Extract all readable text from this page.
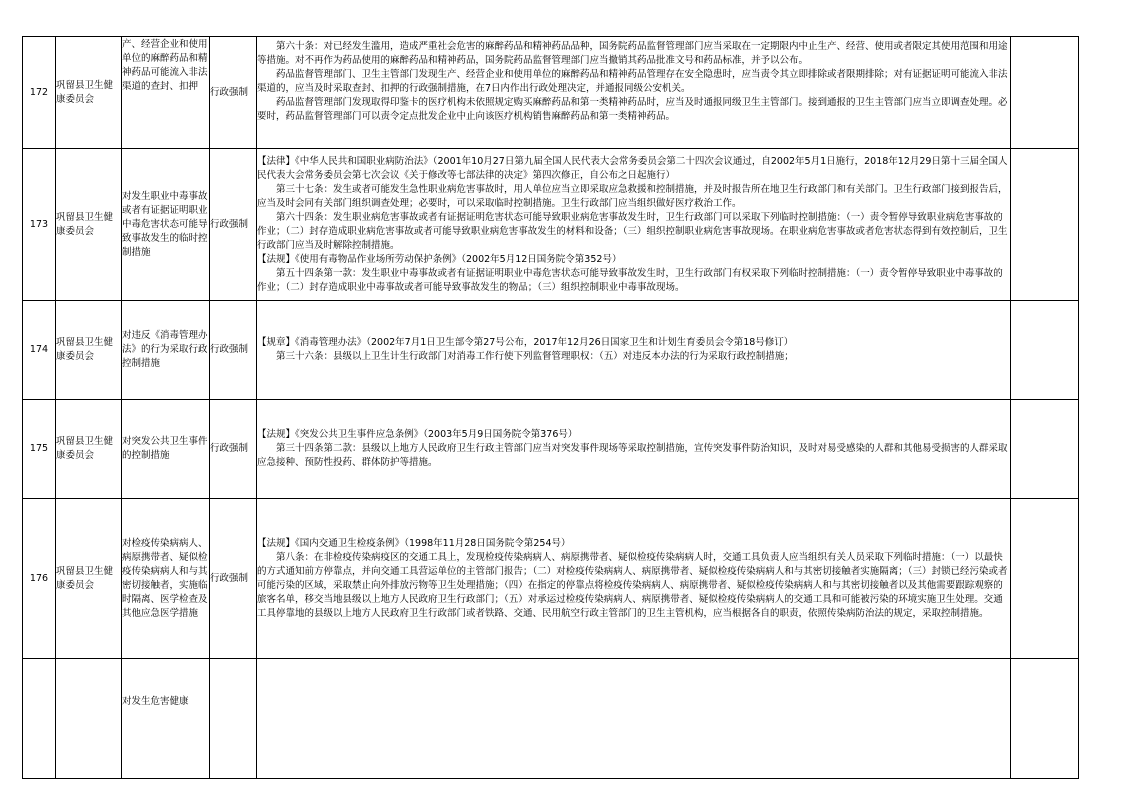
172	巩留县卫生健康委员会	产、经营企业和使用单位的麻醉药品和精神药品可能流入非法渠道的查封、扣押	行政强制	第六十条：对已经发生滥用，造成严重社会危害的麻醉药品和精神药品品种，国务院药品监督管理部门应当采取在一定期限内中止生产、经营、使用或者限定其使用范围和用途等措施。对不再作为药品使用的麻醉药品和精神药品，国务院药品监督管理部门应当撤销其药品批准文号和药品标准，并予以公布。
药品监督管理部门、卫生主管部门发现生产、经营企业和使用单位的麻醉药品和精神药品管理存在安全隐患时，应当责令其立即排除或者限期排除；对有证据证明可能流入非法渠道的，应当及时采取查封、扣押的行政强制措施，在7日内作出行政处理决定，并通报同级公安机关。
药品监督管理部门发现取得印鉴卡的医疗机构未依照规定购买麻醉药品和第一类精神药品时，应当及时通报同级卫生主管部门。接到通报的卫生主管部门应当立即调查处理。必要时，药品监督管理部门可以责令定点批发企业中止向该医疗机构销售麻醉药品和第一类精神药品。	

173	巩留县卫生健康委员会	对发生职业中毒事故或者有证据证明职业中毒危害状态可能导致事故发生的临时控制措施	行政强制	【法律】《中华人民共和国职业病防治法》（2001年10月27日第九届全国人民代表大会常务委员会第二十四次会议通过，自2002年5月1日施行，2018年12月29日第十三届全国人民代表大会常务委员会第七次会议《关于修改等七部法律的决定》第四次修正，自公布之日起施行）
第三十七条：发生或者可能发生急性职业病危害事故时，用人单位应当立即采取应急救援和控制措施，并及时报告所在地卫生行政部门和有关部门。卫生行政部门接到报告后，应当及时会同有关部门组织调查处理；必要时，可以采取临时控制措施。卫生行政部门应当组织做好医疗救治工作。
第六十四条：发生职业病危害事故或者有证据证明危害状态可能导致职业病危害事故发生时，卫生行政部门可以采取下列临时控制措施：（一）责令暂停导致职业病危害事故的作业；（二）封存造成职业病危害事故或者可能导致职业病危害事故发生的材料和设备；（三）组织控制职业病危害事故现场。在职业病危害事故或者危害状态得到有效控制后，卫生行政部门应当及时解除控制措施。
【法规】《使用有毒物品作业场所劳动保护条例》（2002年5月12日国务院令第352号）
第五十四条第一款：发生职业中毒事故或者有证据证明职业中毒危害状态可能导致事故发生时，卫生行政部门有权采取下列临时控制措施：（一）责令暂停导致职业中毒事故的作业；（二）封存造成职业中毒事故或者可能导致事故发生的物品；（三）组织控制职业中毒事故现场。	

174	巩留县卫生健康委员会	对违反《消毒管理办法》的行为采取行政控制措施	行政强制	【规章】《消毒管理办法》（2002年7月1日卫生部令第27号公布，2017年12月26日国家卫生和计划生育委员会令第18号修订）
第三十六条：县级以上卫生计生行政部门对消毒工作行使下列监督管理职权：（五）对违反本办法的行为采取行政控制措施；	

175	巩留县卫生健康委员会	对突发公共卫生事件的控制措施	行政强制	【法规】《突发公共卫生事件应急条例》（2003年5月9日国务院令第376号）
第三十四条第二款：县级以上地方人民政府卫生行政主管部门应当对突发事件现场等采取控制措施，宣传突发事件防治知识，及时对易受感染的人群和其他易受损害的人群采取应急接种、预防性投药、群体防护等措施。	

176	巩留县卫生健康委员会	对检疫传染病病人、病原携带者、疑似检疫传染病病人和与其密切接触者，实施临时隔离、医学检查及其他应急医学措施	行政强制	【法规】《国内交通卫生检疫条例》（1998年11月28日国务院令第254号）
第八条：在非检疫传染病疫区的交通工具上，发现检疫传染病病人、病原携带者、疑似检疫传染病病人时，交通工具负责人应当组织有关人员采取下列临时措施：（一）以最快的方式通知前方停靠点，并向交通工具营运单位的主管部门报告；（二）对检疫传染病病人、病原携带者、疑似检疫传染病病人和与其密切接触者实施隔离；（三）封锁已经污染或者可能污染的区域，采取禁止向外排放污物等卫生处理措施；（四）在指定的停靠点将检疫传染病病人、病原携带者、疑似检疫传染病病人和与其密切接触者以及其他需要跟踪观察的旅客名单，移交当地县级以上地方人民政府卫生行政部门；（五）对承运过检疫传染病病人、病原携带者、疑似检疫传染病病人的交通工具和可能被污染的环境实施卫生处理。交通工具停靠地的县级以上地方人民政府卫生行政部门或者铁路、交通、民用航空行政主管部门的卫生主管机构，应当根据各自的职责，依照传染病防治法的规定，采取控制措施。	

		对发生危害健康			
